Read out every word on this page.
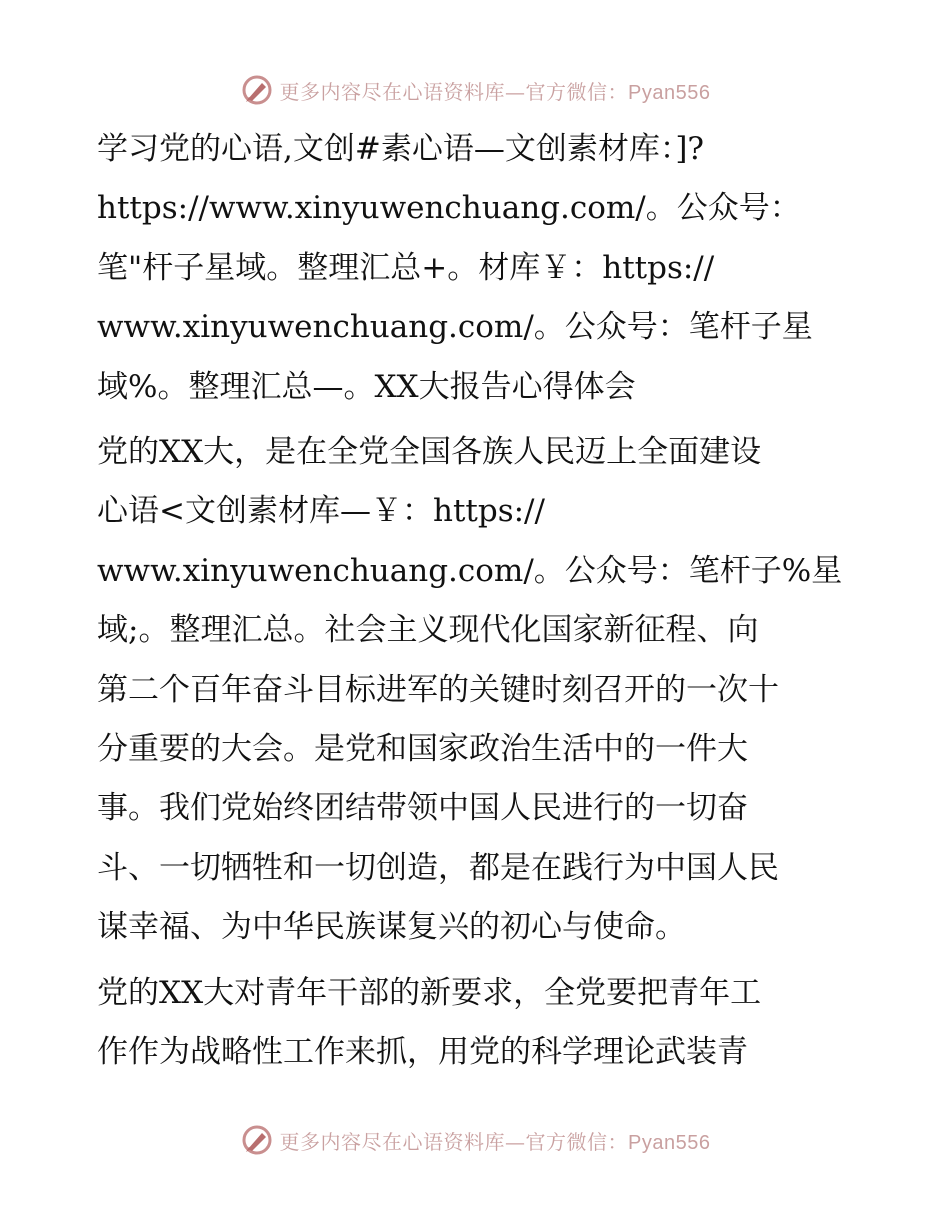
更多内容尽在心语资料库—官方微信：Pyan556
学习党的心语,文创#素心语—文创素材库：]?
https://www.xinyuwenchuang.com/。公众号：
笔"杆子星域。整理汇总+。材库￥：https://
www.xinyuwenchuang.com/。公众号：笔杆子星
域%。整理汇总—。XX大报告心得体会
党的XX大，是在全党全国各族人民迈上全面建设
心语<文创素材库—￥：https://
www.xinyuwenchuang.com/。公众号：笔杆子%星
域;。整理汇总。社会主义现代化国家新征程、向
第二个百年奋斗目标进军的关键时刻召开的一次十
分重要的大会。是党和国家政治生活中的一件大
事。我们党始终团结带领中国人民进行的一切奋
斗、一切牺牲和一切创造，都是在践行为中国人民
谋幸福、为中华民族谋复兴的初心与使命。
党的XX大对青年干部的新要求，全党要把青年工
作作为战略性工作来抓，用党的科学理论武装青
更多内容尽在心语资料库—官方微信：Pyan556
